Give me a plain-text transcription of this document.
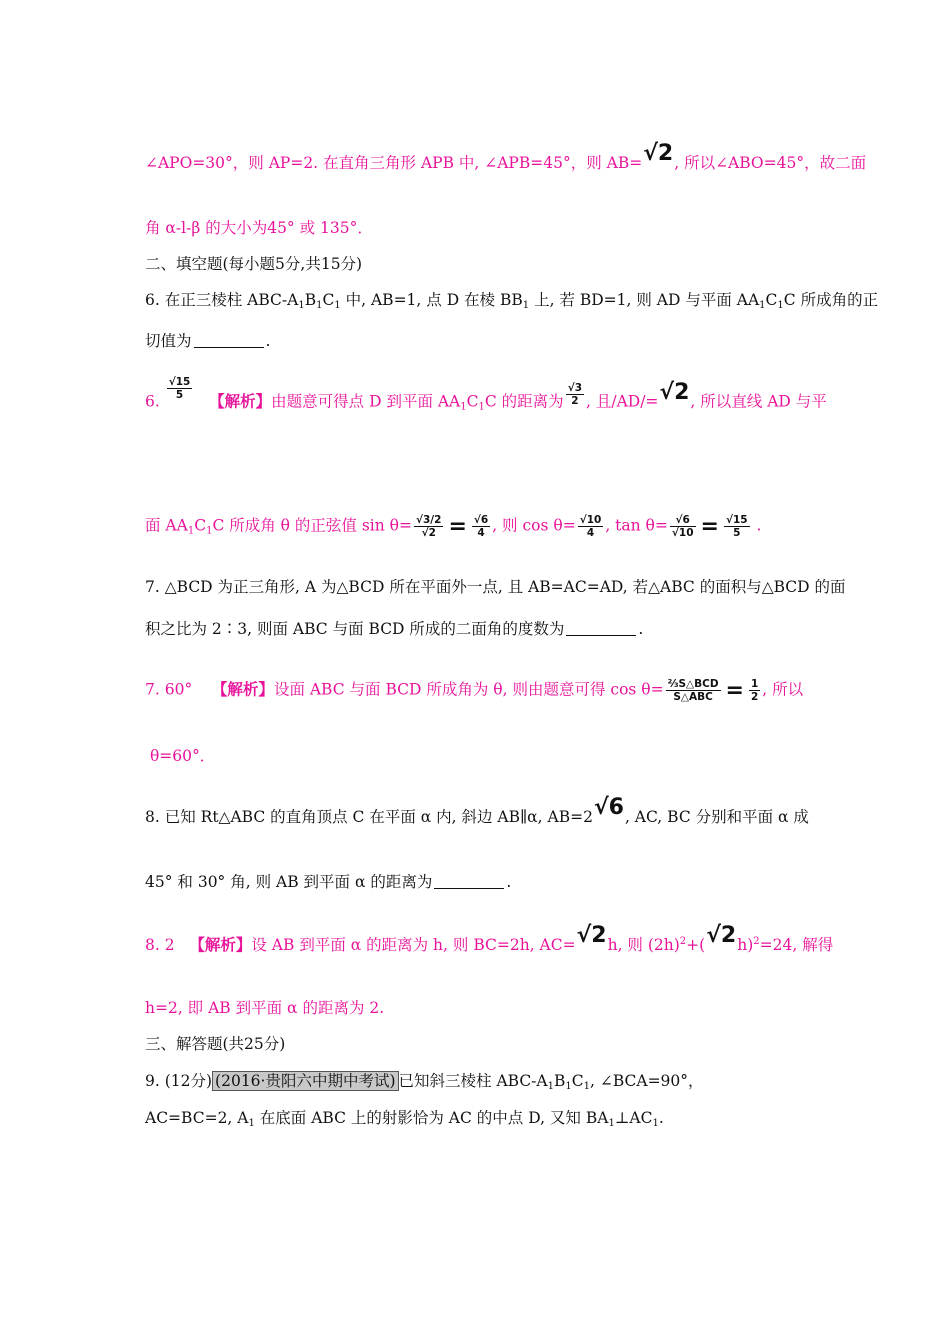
∠APO=30°，则 AP=2. 在直角三角形 APB 中, ∠APB=45°，则 AB=√2, 所以∠ABO=45°，故二面
角 α-l-β 的大小为45° 或 135°．
二、填空题(每小题5分,共15分)
6. 在正三棱柱 ABC-$A_1B_1C_1$ 中, AB=1, 点 D 在棱 $BB_1$ 上, 若 BD=1, 则 AD 与平面 $AA_1C_1C$ 所成角的正
切值为	.
6.
$\frac{√15}{5}$ 【解析】由题意可得点 D 到平面 $AA_1C_1C$ 的距离为 $\frac{√3}{2}$ , 且/AD/=√2, 所以直线 AD 与平
面 $AA_1C_1C$ 所成角 θ 的正弦值 $\sin \theta= \frac{√3/2}{√2} = \frac{√6}{4}$ , 则 $\cos \theta= \frac{√10}{4}$ , $\tan \theta= \frac{√6}{√10} = \frac{√15}{5}$ .
7. △BCD 为正三角形, A 为△BCD 所在平面外一点, 且 AB=AC=AD, 若△ABC 的面积与△BCD 的面
积之比为 2∶3, 则面 ABC 与面 BCD 所成的二面角的度数为	.
7. 60° 【解析】设面 ABC 与面 BCD 所成角为 θ, 则由题意可得 $\cos \theta= \frac{\text{⅔S△BCD}}{\text{S△ABC}} = \frac{1}{2}$ , 所以
θ=60°．
8. 已知 Rt△ABC 的直角顶点 C 在平面 α 内, 斜边 AB∥α, AB=2√6, AC, BC 分别和平面 α 成
45° 和 30° 角, 则 AB 到平面 α 的距离为	.
8. 2 【解析】设 AB 到平面 α 的距离为 h, 则 BC=2h, AC=√2h, 则 $(2h)^2+(√2h)^2=24$, 解得
h=2, 即 AB 到平面 α 的距离为 2.
三、解答题(共25分)
9. (12分) (2016·贵阳六中期中考试) 已知斜三棱柱 ABC-$A_1B_1C_1$, ∠BCA=90°，
AC=BC=2, $A_1$ 在底面 ABC 上的射影恰为 AC 的中点 D, 又知 $BA_1\perp AC_1$.
